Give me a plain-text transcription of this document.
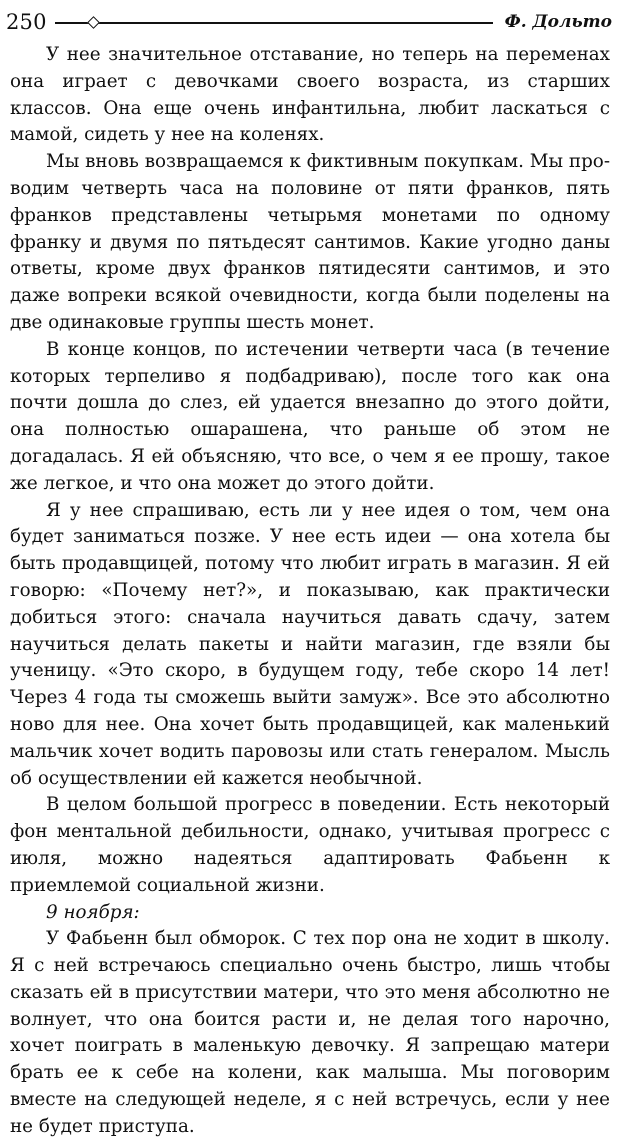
250	Ф. Дольто

У нее значительное отставание, но теперь на переменах она играет с девочками своего возраста, из старших классов. Она еще очень инфантильна, любит ласкаться с мамой, сидеть у нее на коленях.

Мы вновь возвращаемся к фиктивным покупкам. Мы проводим четверть часа на половине от пяти франков, пять франков представлены четырьмя монетами по одному франку и двумя по пятьдесят сантимов. Какие угодно даны ответы, кроме двух франков пятидесяти сантимов, и это даже вопреки всякой очевидности, когда были поделены на две одинаковые группы шесть монет.

В конце концов, по истечении четверти часа (в течение которых терпеливо я подбадриваю), после того как она почти дошла до слез, ей удается внезапно до этого дойти, она полностью ошарашена, что раньше об этом не догадалась. Я ей объясняю, что все, о чем я ее прошу, такое же легкое, и что она может до этого дойти.

Я у нее спрашиваю, есть ли у нее идея о том, чем она будет заниматься позже. У нее есть идеи — она хотела бы быть продавщицей, потому что любит играть в магазин. Я ей говорю: «Почему нет?», и показываю, как практически добиться этого: сначала научиться давать сдачу, затем научиться делать пакеты и найти магазин, где взяли бы ученицу. «Это скоро, в будущем году, тебе скоро 14 лет! Через 4 года ты сможешь выйти замуж». Все это абсолютно ново для нее. Она хочет быть продавщицей, как маленький мальчик хочет водить паровозы или стать генералом. Мысль об осуществлении ей кажется необычной.

В целом большой прогресс в поведении. Есть некоторый фон ментальной дебильности, однако, учитывая прогресс с июля, можно надеяться адаптировать Фабьенн к приемлемой социальной жизни.

9 ноября:

У Фабьенн был обморок. С тех пор она не ходит в школу. Я с ней встречаюсь специально очень быстро, лишь чтобы сказать ей в присутствии матери, что это меня абсолютно не волнует, что она боится расти и, не делая того нарочно, хочет поиграть в маленькую девочку. Я запрещаю матери брать ее к себе на колени, как малыша. Мы поговорим вместе на следующей неделе, я с ней встречусь, если у нее не будет приступа.
